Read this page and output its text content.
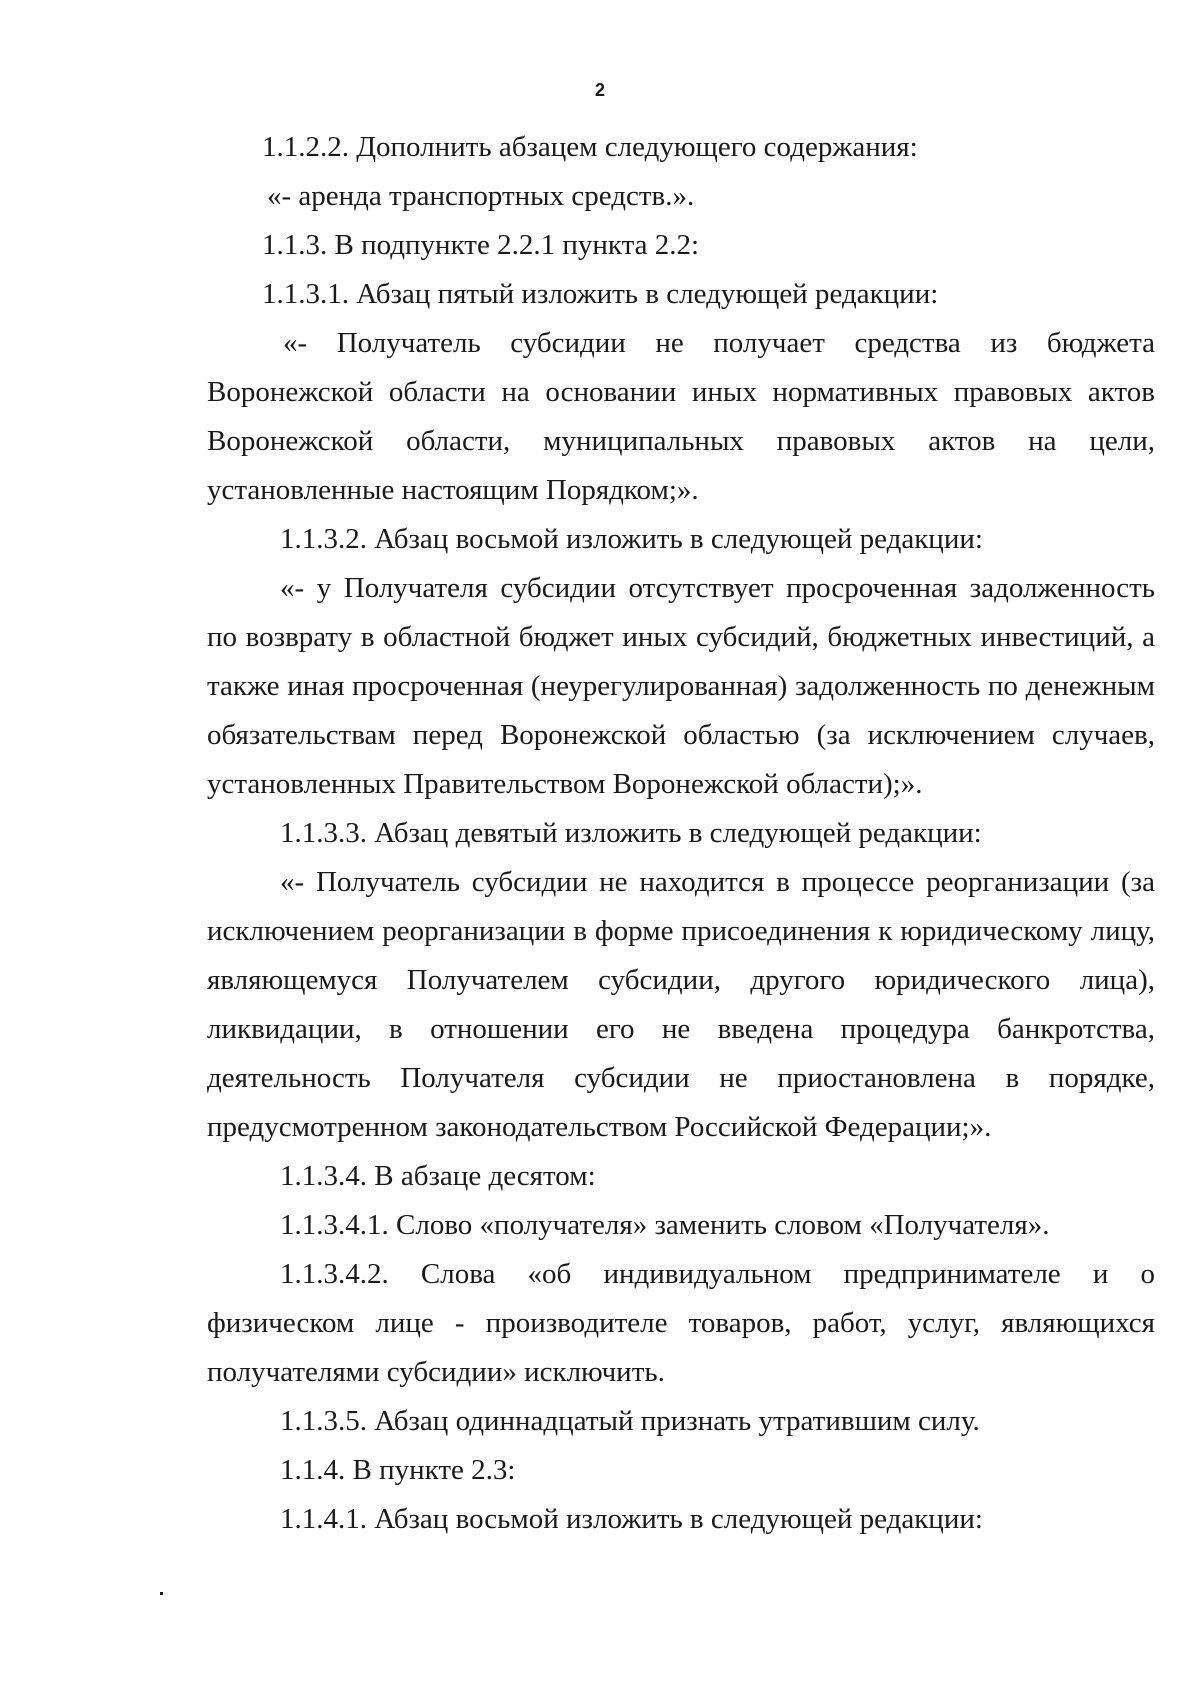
2

1.1.2.2. Дополнить абзацем следующего содержания:

«- аренда транспортных средств.».

1.1.3. В подпункте 2.2.1 пункта 2.2:

1.1.3.1. Абзац пятый изложить в следующей редакции:

«- Получатель субсидии не получает средства из бюджета Воронежской области на основании иных нормативных правовых актов Воронежской области, муниципальных правовых актов на цели, установленные настоящим Порядком;».

1.1.3.2. Абзац восьмой изложить в следующей редакции:

«- у Получателя субсидии отсутствует просроченная задолженность по возврату в областной бюджет иных субсидий, бюджетных инвестиций, а также иная просроченная (неурегулированная) задолженность по денежным обязательствам перед Воронежской областью (за исключением случаев, установленных Правительством Воронежской области);».

1.1.3.3. Абзац девятый изложить в следующей редакции:

«- Получатель субсидии не находится в процессе реорганизации (за исключением реорганизации в форме присоединения к юридическому лицу, являющемуся Получателем субсидии, другого юридического лица), ликвидации, в отношении его не введена процедура банкротства, деятельность Получателя субсидии не приостановлена в порядке, предусмотренном законодательством Российской Федерации;».

1.1.3.4. В абзаце десятом:

1.1.3.4.1. Слово «получателя» заменить словом «Получателя».

1.1.3.4.2. Слова «об индивидуальном предпринимателе и о физическом лице - производителе товаров, работ, услуг, являющихся получателями субсидии» исключить.

1.1.3.5. Абзац одиннадцатый признать утратившим силу.

1.1.4. В пункте 2.3:

1.1.4.1. Абзац восьмой изложить в следующей редакции:
